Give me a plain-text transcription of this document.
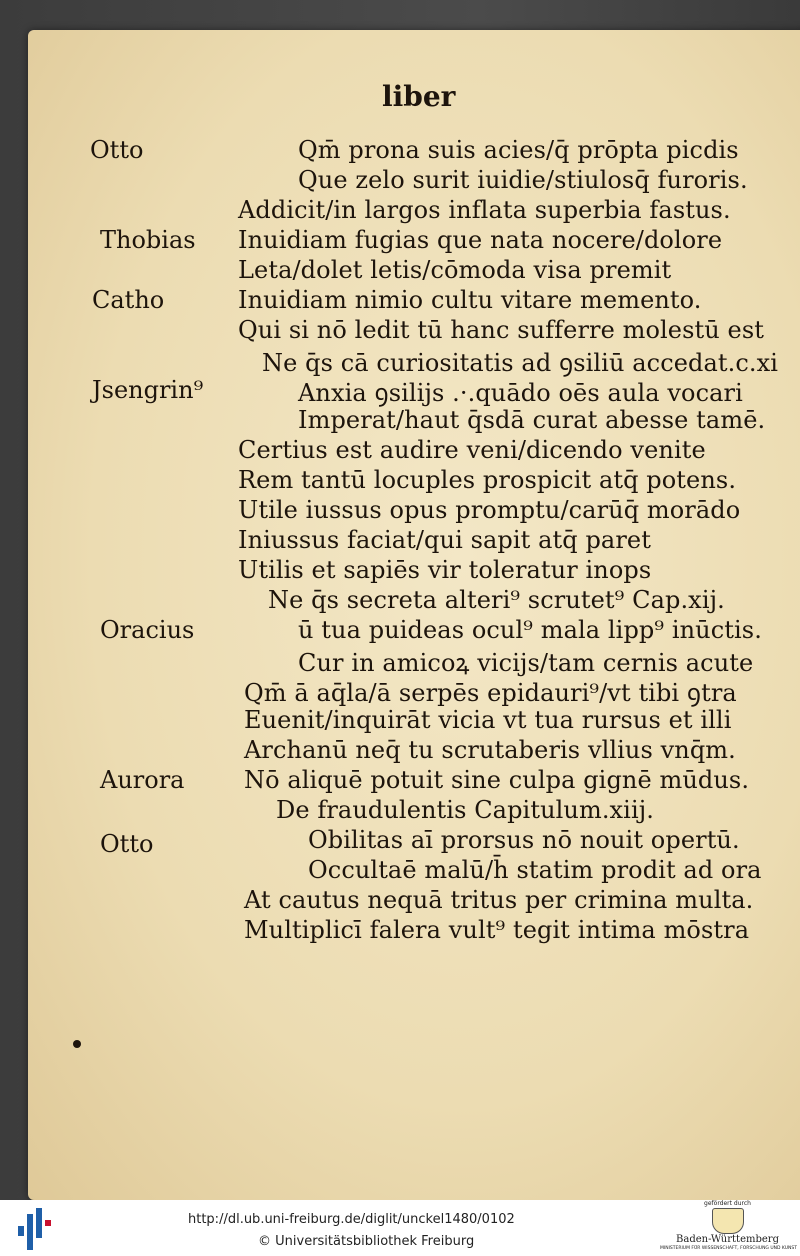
liber
Otto
Thobias
Catho
Jsengrin⁹
Oracius
Aurora
Otto
Qm̄ prona suis acies/q̄ prōpta picdis
Que zelo surit iuidie/stiulosq̄ furoris.
Addicit/in largos inflata superbia fastus.
Inuidiam fugias que nata nocere/dolore
Leta/dolet letis/cōmoda visa premit
Inuidiam nimio cultu vitare memento.
Qui si nō ledit tū hanc sufferre molestū est
Ne q̄s cā curiositatis ad ꝯsiliū accedat.c.xi
Anxia ꝯsilijs .·.quādo oēs aula vocari
Imperat/haut q̄sdā curat abesse tamē.
Certius est audire veni/dicendo venite
Rem tantū locuples prospicit atq̄ potens.
Utile iussus opus promptu/carūq̄ morādo
Iniussus faciat/qui sapit atq̄ paret
Utilis et sapiēs vir toleratur inops
Ne q̄s secreta alteri⁹ scrutet⁹ Cap.xij.
ū tua puideas ocul⁹ mala lipp⁹ inūctis.
Cur in amicoꝝ vicijs/tam cernis acute
Qm̄ ā aq̄la/ā serpēs epidauri⁹/vt tibi ꝯtra
Euenit/inquirāt vicia vt tua rursus et illi
Archanū neq̄ tu scrutaberis vllius vnq̄m.
Nō aliquē potuit sine culpa gignē mūdus.
De fraudulentis Capitulum.xiij.
Obilitas aī prorsus nō nouit opertū.
Occultaē malū/h̄ statim prodit ad ora
At cautus nequā tritus per crimina multa.
Multiplicī falera vult⁹ tegit intima mōstra
http://dl.ub.uni-freiburg.de/diglit/unckel1480/0102
© Universitätsbibliothek Freiburg
gefördert durch
Baden-Württemberg
MINISTERIUM FÜR WISSENSCHAFT, FORSCHUNG UND KUNST
